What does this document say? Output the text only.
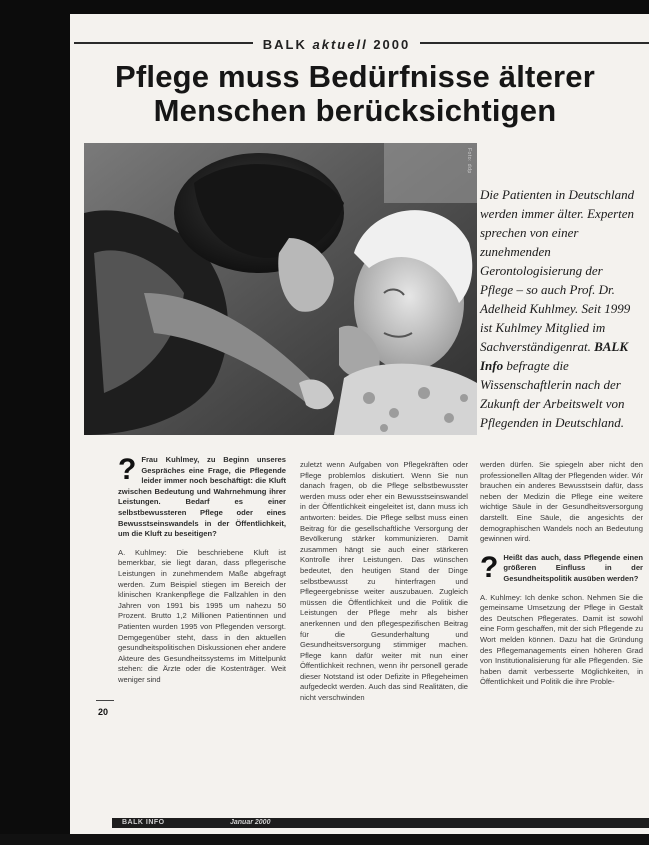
BALK aktuell 2000
Pflege muss Bedürfnisse älterer
Menschen berücksichtigen
Foto: ddp

Die Patienten in Deutschland werden immer älter. Experten sprechen von einer zunehmenden Gerontologisierung der Pflege – so auch Prof. Dr. Adelheid Kuhlmey. Seit 1999 ist Kuhlmey Mitglied im Sachverständigenrat. BALK Info befragte die Wissenschaftlerin nach der Zukunft der Arbeitswelt von Pflegenden in Deutschland.

20

? Frau Kuhlmey, zu Beginn unseres Gespräches eine Frage, die Pflegende leider immer noch beschäftigt: die Kluft zwischen Bedeutung und Wahrnehmung ihrer Leistungen. Bedarf es einer selbstbewussteren Pflege oder eines Bewusstseinswandels in der Öffentlichkeit, um die Kluft zu beseitigen?

A. Kuhlmey: Die beschriebene Kluft ist bemerkbar, sie liegt daran, dass pflegerische Leistungen in zunehmendem Maße abgefragt werden. Zum Beispiel stiegen im Bereich der klinischen Krankenpflege die Fallzahlen in den Jahren von 1991 bis 1995 um nahezu 50 Prozent. Brutto 1,2 Millionen Patientinnen und Patienten wurden 1995 von Pflegenden versorgt. Demgegenüber steht, dass in den aktuellen gesundheitspolitischen Diskussionen eher andere Akteure des Gesundheitssystems im Mittelpunkt stehen: die Ärzte oder die Kostenträger. Weit weniger sind

zuletzt wenn Aufgaben von Pflegekräften oder Pflege problemlos diskutiert. Wenn Sie nun danach fragen, ob die Pflege selbstbewusster werden muss oder eher ein Bewusstseinswandel in der Öffentlichkeit eingeleitet ist, dann muss ich antworten: beides. Die Pflege selbst muss einen Beitrag für die gesellschaftliche Versorgung der Bevölkerung stärker kommunizieren. Damit zusammen hängt sie auch einer stärkeren Kontrolle ihrer Leistungen. Das wünschen bedeutet, den heutigen Stand der Dinge selbstbewusst zu hinterfragen und Pflegeergebnisse weiter auszubauen. Zugleich müssen die Öffentlichkeit und die Politik die Leistungen der Pflege mehr als bisher anerkennen und den pflegespezifischen Beitrag für die Gesunderhaltung und Gesundheitsversorgung stimmiger machen. Pflege kann dafür weiter mit nun einer Öffentlichkeit rechnen, wenn ihr personell gerade dieser Notstand ist oder Defizite in Pflegeheimen aufgedeckt werden. Auch das sind Realitäten, die nicht verschwinden

werden dürfen. Sie spiegeln aber nicht den professionellen Alltag der Pflegenden wider. Wir brauchen ein anderes Bewusstsein dafür, dass neben der Medizin die Pflege eine weitere wichtige Säule in der Gesundheitsversorgung darstellt. Eine Säule, die angesichts der demographischen Wandels noch an Bedeutung gewinnen wird.

? Heißt das auch, dass Pflegende einen größeren Einfluss in der Gesundheitspolitik ausüben werden?

A. Kuhlmey: Ich denke schon. Nehmen Sie die gemeinsame Umsetzung der Pflege in Gestalt des Deutschen Pflegerates. Damit ist sowohl eine Form geschaffen, mit der sich Pflegende zu Wort melden können. Dazu hat die Gründung des Pflegemanagements einen höheren Grad von Institutionalisierung für alle Pflegenden. Sie haben damit verbesserte Möglichkeiten, in Öffentlichkeit und Politik die ihre Proble-

BALK INFO	Januar 2000
